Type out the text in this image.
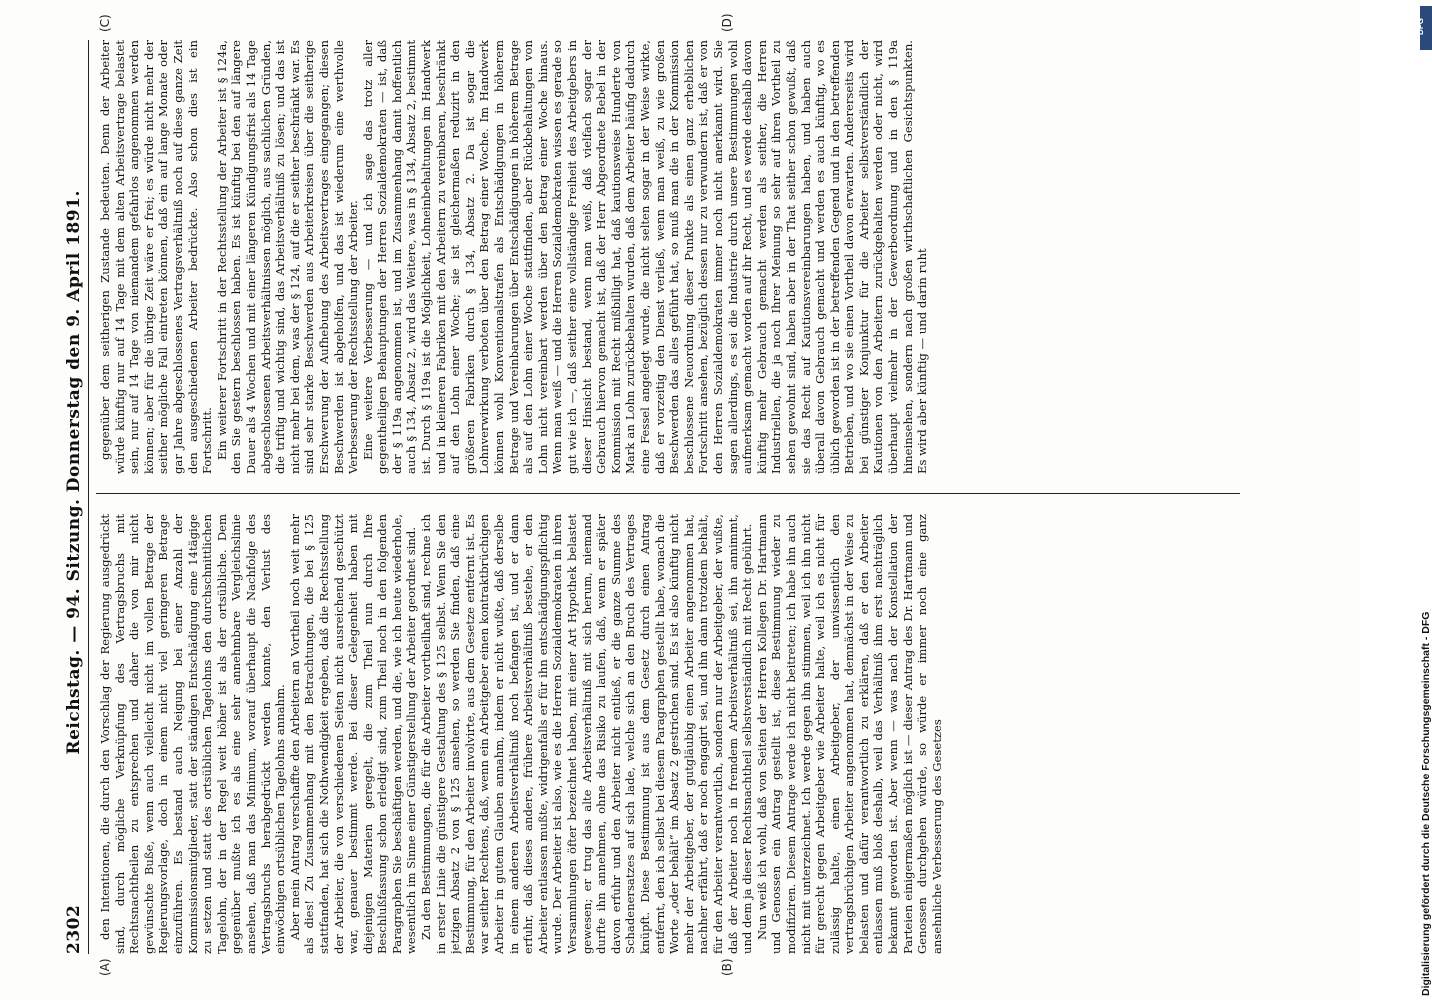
2302
Reichstag. — 94. Sitzung. Donnerstag den 9. April 1891.
(A)	(B)
(C)	(D)

den Intentionen, die durch den Vorschlag der Regierung ausgedrückt sind, durch mögliche Verknüpfung des Vertragsbruchs mit Rechtsnachtheilen zu entsprechen und daher die von mir nicht gewünschte Buße, wenn auch vielleicht nicht im vollen Betrage der Regierungsvorlage, doch in einem nicht viel geringeren Betrage einzuführen. Es bestand auch Neigung bei einer Anzahl der Kommissionsmitglieder, statt der ständigen Entschädigung eine 14tägige zu setzen und statt des ortsüblichen Tagelohns den durchschnittlichen Tagelohn, der in der Regel weit höher ist als der ortsübliche. Dem gegenüber mußte ich es als eine sehr annehmbare Vergleichslinie ansehen, daß man das Minimum, worauf überhaupt die Nachfolge des Vertragsbruchs herabgedrückt werden konnte, den Verlust des einwöchigen ortsüblichen Tagelohns annahm. Aber mein Antrag verschaffte den Arbeitern an Vortheil noch weit mehr als dies! Zu Zusammenhang mit den Betrachtungen, die bei § 125 stattfanden, hat sich die Nothwendigkeit ergeben, daß die Rechtsstellung der Arbeiter, die von verschiedenen Seiten nicht ausreichend geschützt war, genauer bestimmt werde. Bei dieser Gelegenheit haben mit diejenigen Materien geregelt, die zum Theil nun durch Ihre Beschlußfassung schon erledigt sind, zum Theil noch in den folgenden Paragraphen Sie beschäftigen werden, und die, wie ich heute wiederhole, wesentlich im Sinne einer Günstigerstellung der Arbeiter geordnet sind. Zu den Bestimmungen, die für die Arbeiter vortheilhaft sind, rechne ich in erster Linie die günstigere Gestaltung des § 125 selbst. Wenn Sie den jetzigen Absatz 2 von § 125 ansehen, so werden Sie finden, daß eine Bestimmung, für den Arbeiter involvirte, aus dem Gesetze entfernt ist. Es war seither Rechtens, daß, wenn ein Arbeitgeber einen kontraktbrüchigen Arbeiter in gutem Glauben annahm, indem er nicht wußte, daß derselbe in einem anderen Arbeitsverhältniß noch befangen ist, und er dann erfuhr, daß dieses andere, frühere Arbeitsverhältniß bestehe, er den Arbeiter entlassen mußte, widrigenfalls er für ihn entschädigungspflichtig wurde. Der Arbeiter ist also, wie es die Herren Sozialdemokraten in ihren Versammlungen öfter bezeichnet haben, mit einer Art Hypothek belastet gewesen; er trug das alte Arbeitsverhältniß mit sich herum, niemand durfte ihn annehmen, ohne das Risiko zu laufen, daß, wenn er später davon erfuhr und den Arbeiter nicht entließ, er die ganze Summe des Schadenersatzes auf sich lade, welche sich an den Bruch des Vertrages knüpft. Diese Bestimmung ist aus dem Gesetz durch einen Antrag entfernt, den ich selbst bei diesem Paragraphen gestellt habe, wonach die Worte „oder behält“ im Absatz 2 gestrichen sind. Es ist also künftig nicht mehr der Arbeitgeber, der gutgläubig einen Arbeiter angenommen hat, nachher erfährt, daß er noch engagirt sei, und ihn dann trotzdem behält, für den Arbeiter verantwortlich, sondern nur der Arbeitgeber, der wußte, daß der Arbeiter noch in fremdem Arbeitsverhältniß sei, ihn annimmt, und dem ja dieser Rechtsnachtheil selbstverständlich mit Recht gebührt. Nun weiß ich wohl, daß von Seiten der Herren Kollegen Dr. Hartmann und Genossen ein Antrag gestellt ist, diese Bestimmung wieder zu modifiziren. Diesem Antrage werde ich nicht beitreten; ich habe ihn auch nicht mit unterzeichnet. Ich werde gegen ihn stimmen, weil ich ihn nicht für gerecht gegen Arbeitgeber wie Arbeiter halte, weil ich es nicht für zulässig halte, einen Arbeitgeber, der unwissentlich den vertragsbrüchigen Arbeiter angenommen hat, demnächst in der Weise zu belasten und dafür verantwortlich zu erklären, daß er den Arbeiter entlassen muß bloß deshalb, weil das Verhältniß ihm erst nachträglich bekannt geworden ist. Aber wenn — was nach der Konstellation der Parteien einigermaßen möglich ist — dieser Antrag des Dr. Hartmann und Genossen durchgehen würde, so würde er immer noch eine ganz ansehnliche Verbesserung des Gesetzes

gegenüber dem seitherigen Zustande bedeuten. Denn der Arbeiter würde künftig nur auf 14 Tage mit dem alten Arbeitsvertrage belastet sein, nur auf 14 Tage von niemandem gefahrlos angenommen werden können; aber für die übrige Zeit wäre er frei; es würde nicht mehr der seither mögliche Fall eintreten können, daß ein auf lange Monate oder gar Jahre abgeschlossenes Vertragsverhältniß noch auf diese ganze Zeit den ausgeschiedenen Arbeiter bedrückte. Also schon dies ist ein Fortschritt. Ein weiterer Fortschritt in der Rechtsstellung der Arbeiter ist § 124a, den Sie gestern beschlossen haben. Es ist künftig bei den auf längere Dauer als 4 Wochen und mit einer längeren Kündigungsfrist als 14 Tage abgeschlossenen Arbeitsverhältnissen möglich, aus sachlichen Gründen, die triftig und wichtig sind, das Arbeitsverhältniß zu lösen; und das ist nicht mehr bei dem, was der § 124, auf die er seither beschränkt war. Es sind sehr starke Beschwerden aus Arbeiterkreisen über die seitherige Erschwerung der Aufhebung des Arbeitsvertrages eingegangen; diesen Beschwerden ist abgeholfen, und das ist wiederum eine werthvolle Verbesserung der Rechtsstellung der Arbeiter. Eine weitere Verbesserung — und ich sage das trotz aller gegentheiligen Behauptungen der Herren Sozialdemokraten — ist, daß der § 119a angenommen ist, und im Zusammenhang damit hoffentlich auch § 134, Absatz 2, wird das Weitere, was in § 134, Absatz 2, bestimmt ist. Durch § 119a ist die Möglichkeit, Lohneinbehaltungen im Handwerk und in kleineren Fabriken mit den Arbeitern zu vereinbaren, beschränkt auf den Lohn einer Woche; sie ist gleichermaßen reduzirt in den größeren Fabriken durch § 134, Absatz 2. Da ist sogar die Lohnverwirkung verboten über den Betrag einer Woche. Im Handwerk können wohl Konventionalstrafen als Entschädigungen in höherem Betrage und Vereinbarungen über Entschädigungen in höherem Betrage als auf den Lohn einer Woche stattfinden, aber Rückbehaltungen von Lohn nicht vereinbart werden über den Betrag einer Woche hinaus. Wenn man weiß — und die Herren Sozialdemokraten wissen es gerade so gut wie ich —, daß seither eine vollständige Freiheit des Arbeitgebers in dieser Hinsicht bestand, wenn man weiß, daß vielfach sogar der Gebrauch hiervon gemacht ist, daß der Herr Abgeordnete Bebel in der Kommission mit Recht mißbilligt hat, daß kautionsweise Hunderte von Mark an Lohn zurückbehalten wurden, daß dem Arbeiter häufig dadurch eine Fessel angelegt wurde, die nicht selten sogar in der Weise wirkte, daß er vorzeitig den Dienst verließ, wenn man weiß, zu wie großen Beschwerden das alles geführt hat, so muß man die in der Kommission beschlossene Neuordnung dieser Punkte als einen ganz erheblichen Fortschritt ansehen, bezüglich dessen nur zu verwundern ist, daß er von den Herren Sozialdemokraten immer noch nicht anerkannt wird. Sie sagen allerdings, es sei die Industrie durch unsere Bestimmungen wohl aufmerksam gemacht worden auf ihr Recht, und es werde deshalb davon künftig mehr Gebrauch gemacht werden als seither, die Herren Industriellen, die ja noch Ihrer Meinung so sehr auf ihren Vortheil zu sehen gewohnt sind, haben aber in der That seither schon gewußt, daß sie das Recht auf Kautionsvereinbarungen haben, und haben auch überall davon Gebrauch gemacht und werden es auch künftig, wo es üblich geworden ist in der betreffenden Gegend und in den betreffenden Betrieben, und wo sie einen Vortheil davon erwarten. Andererseits wird bei günstiger Konjunktur für die Arbeiter selbstverständlich der Kautionen von den Arbeitern zurückgehalten werden oder nicht, wird überhaupt vielmehr in der Gewerbeordnung und in den § 119a hineinsehen, sondern nach großen wirthschaftlichen Gesichtspunkten. Es wird aber künftig — und darin ruht

DFG
Digitalisierung gefördert durch die Deutsche Forschungsgemeinschaft - DFG
